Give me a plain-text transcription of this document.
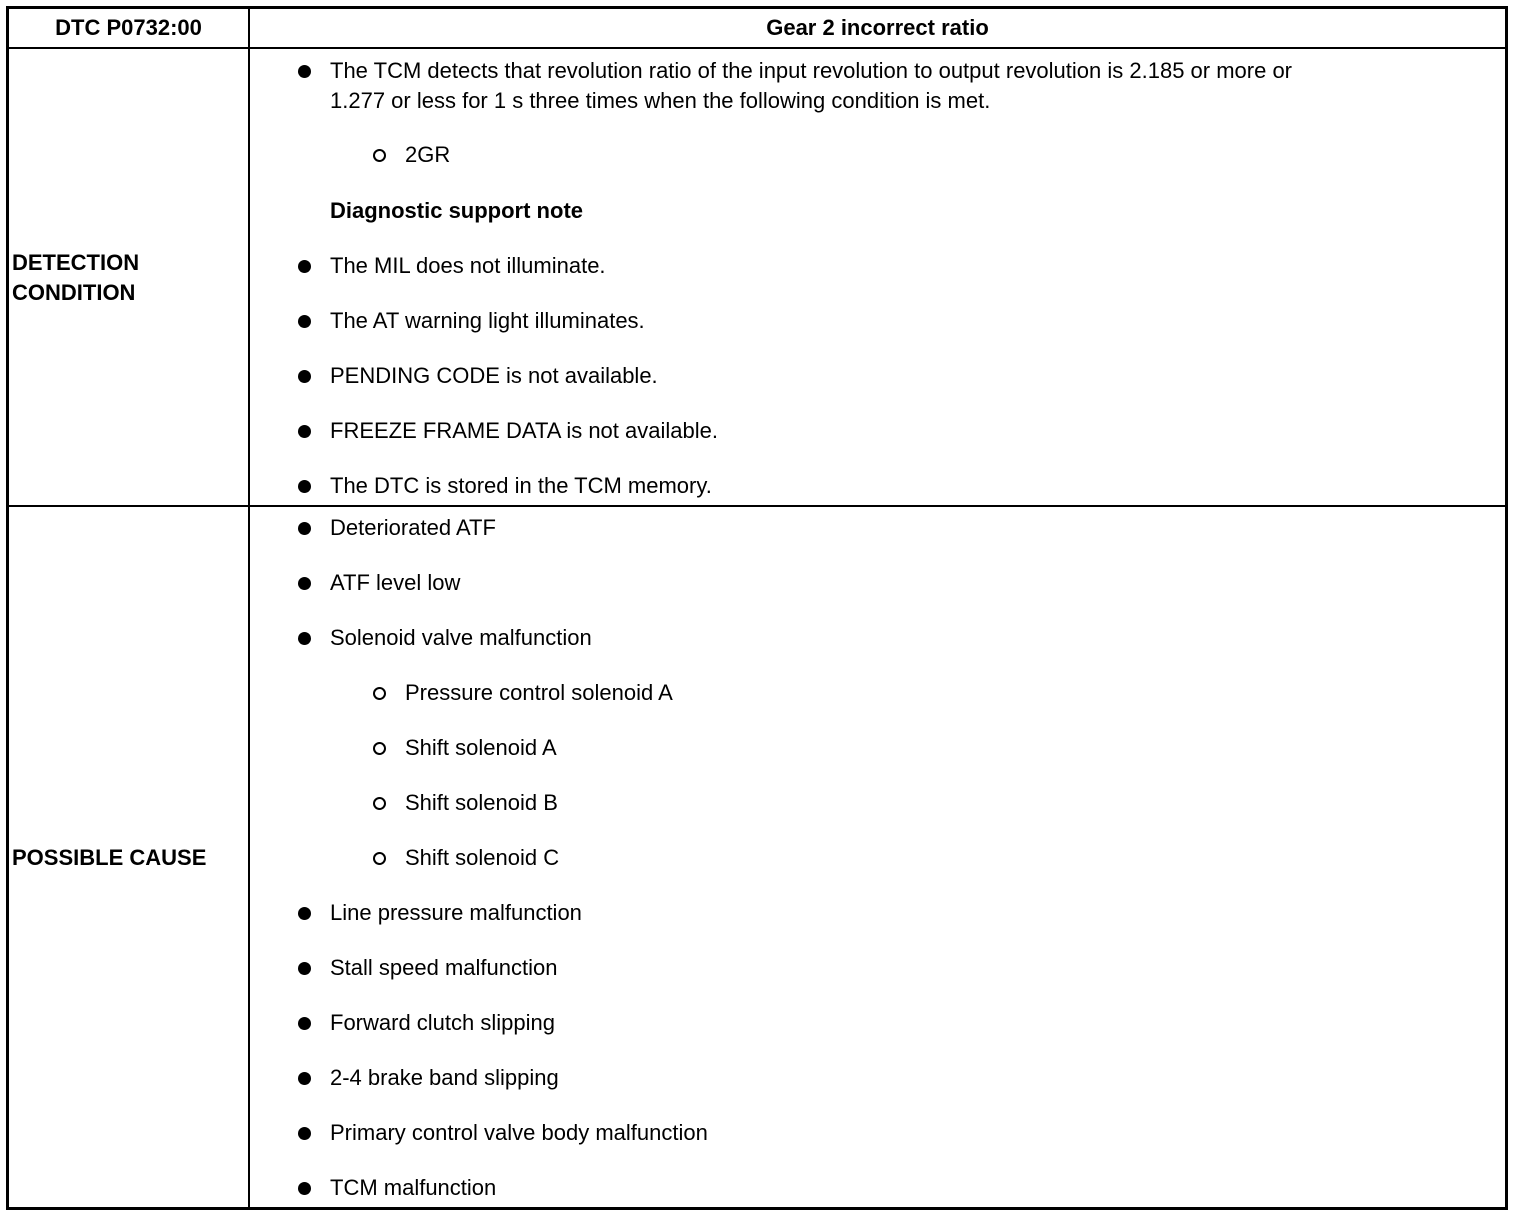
DTC P0732:00	Gear 2 incorrect ratio
DETECTION
CONDITION
The TCM detects that revolution ratio of the input revolution to output revolution is 2.185 or more or
1.277 or less for 1 s three times when the following condition is met.
2GR
Diagnostic support note
The MIL does not illuminate.
The AT warning light illuminates.
PENDING CODE is not available.
FREEZE FRAME DATA is not available.
The DTC is stored in the TCM memory.
POSSIBLE CAUSE
Deteriorated ATF
ATF level low
Solenoid valve malfunction
Pressure control solenoid A
Shift solenoid A
Shift solenoid B
Shift solenoid C
Line pressure malfunction
Stall speed malfunction
Forward clutch slipping
2-4 brake band slipping
Primary control valve body malfunction
TCM malfunction
